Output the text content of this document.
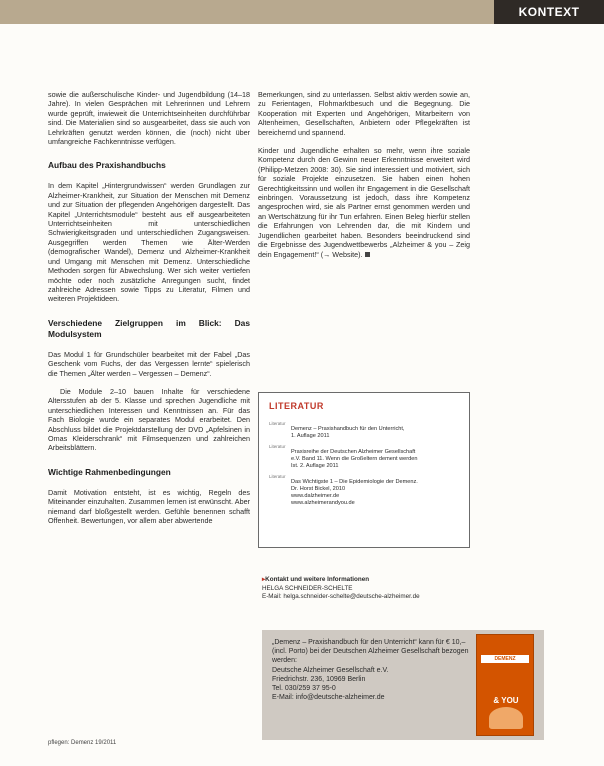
KONTEXT

sowie die außerschulische Kinder- und Jugendbildung (14–18 Jahre). In vielen Gesprächen mit Lehrerinnen und Lehrern wurde geprüft, inwieweit die Unterrichtseinheiten durchführbar sind. Die Materialien sind so ausgearbeitet, dass sie auch von Lehrkräften genutzt werden können, die (noch) nicht über umfangreiche Fachkenntnisse verfügen.

Aufbau des Praxishandbuchs

In dem Kapitel „Hintergrundwissen“ werden Grundlagen zur Alzheimer-Krankheit, zur Situation der Menschen mit Demenz und zur Situation der pflegenden Angehörigen dargestellt. Das Kapitel „Unterrichtsmodule“ besteht aus elf ausgearbeiteten Unterrichtseinheiten mit unterschiedlichen Schwierigkeitsgraden und unterschiedlichen Zugangsweisen. Ausgegriffen werden Themen wie Älter-Werden (demografischer Wandel), Demenz und Alzheimer-Krankheit und Umgang mit Menschen mit Demenz. Unterschiedliche Methoden sorgen für Abwechslung. Wer sich weiter vertiefen möchte oder noch zusätzliche Anregungen sucht, findet zahlreiche Adressen sowie Tipps zu Literatur, Filmen und weiteren Projektideen.

Verschiedene Zielgruppen im Blick: Das Modulsystem

Das Modul 1 für Grundschüler bearbeitet mit der Fabel „Das Geschenk vom Fuchs, der das Vergessen lernte“ spielerisch die Themen „Älter werden – Vergessen – Demenz“.

Die Module 2–10 bauen Inhalte für verschiedene Altersstufen ab der 5. Klasse und sprechen Jugendliche mit unterschiedlichen Interessen und Kenntnissen an. Für das Fach Biologie wurde ein separates Modul erarbeitet. Den Abschluss bildet die Projektdarstellung der DVD „Apfelsinen in Omas Kleiderschrank“ mit Filmsequenzen und zahlreichen Arbeitsblättern.

Wichtige Rahmenbedingungen

Damit Motivation entsteht, ist es wichtig, Regeln des Miteinander einzuhalten. Zusammen lernen ist erwünscht. Aber niemand darf bloßgestellt werden. Gefühle benennen schafft Offenheit. Bewertungen, vor allem aber abwertende

Bemerkungen, sind zu unterlassen. Selbst aktiv werden sowie an, zu Ferientagen, Flohmarktbesuch und die Begegnung. Die Kooperation mit Experten und Angehörigen, Mitarbeitern von Altenheimen, Gesellschaften, Anbietern oder Pflegekräften ist bereichernd und spannend.

Kinder und Jugendliche erhalten so mehr, wenn ihre soziale Kompetenz durch den Gewinn neuer Erkenntnisse erweitert wird (Philipp-Metzen 2008: 30). Sie sind interessiert und motiviert, sich für soziale Projekte einzusetzen. Sie haben einen hohen Gerechtigkeitssinn und wollen ihr Engagement in die Gesellschaft einbringen. Voraussetzung ist jedoch, dass ihre Kompetenz angesprochen wird, sie als Partner ernst genommen werden und an Wertschätzung für ihr Tun erfahren. Einen Beleg hierfür stellen die Erfahrungen von Lehrenden dar, die mit Kindern und Jugendlichen gearbeitet haben. Besonders beeindruckend sind die Ergebnisse des Jugendwettbewerbs „Alzheimer & you – Zeig dein Engagement!“ (→ Website).

LITERATUR
Literatur
Demenz – Praxishandbuch für den Unterricht,
1. Auflage 2011
Literatur
Praxisreihe der Deutschen Alzheimer Gesellschaft
e.V. Band 11. Wenn die Großeltern dement werden
Ist. 2. Auflage 2011
Literatur
Das Wichtigste 1 – Die Epidemiologie der Demenz.
Dr. Horst Bickel, 2010
www.dalzheimer.de
www.alzheimerandyou.de
▸ Kontakt und weitere Informationen
HELGA SCHNEIDER-SCHELTE
E-Mail: helga.schneider-schelte@deutsche-alzheimer.de
„Demenz – Praxishandbuch für den Unterricht“ kann für € 10,– (incl. Porto) bei der Deutschen Alzheimer Gesellschaft bezogen werden:
Deutsche Alzheimer Gesellschaft e.V.
Friedrichstr. 236, 10969 Berlin
Tel. 030/259 37 95-0
E-Mail: info@deutsche-alzheimer.de
DEMENZ
& YOU
pflegen: Demenz 19/2011
